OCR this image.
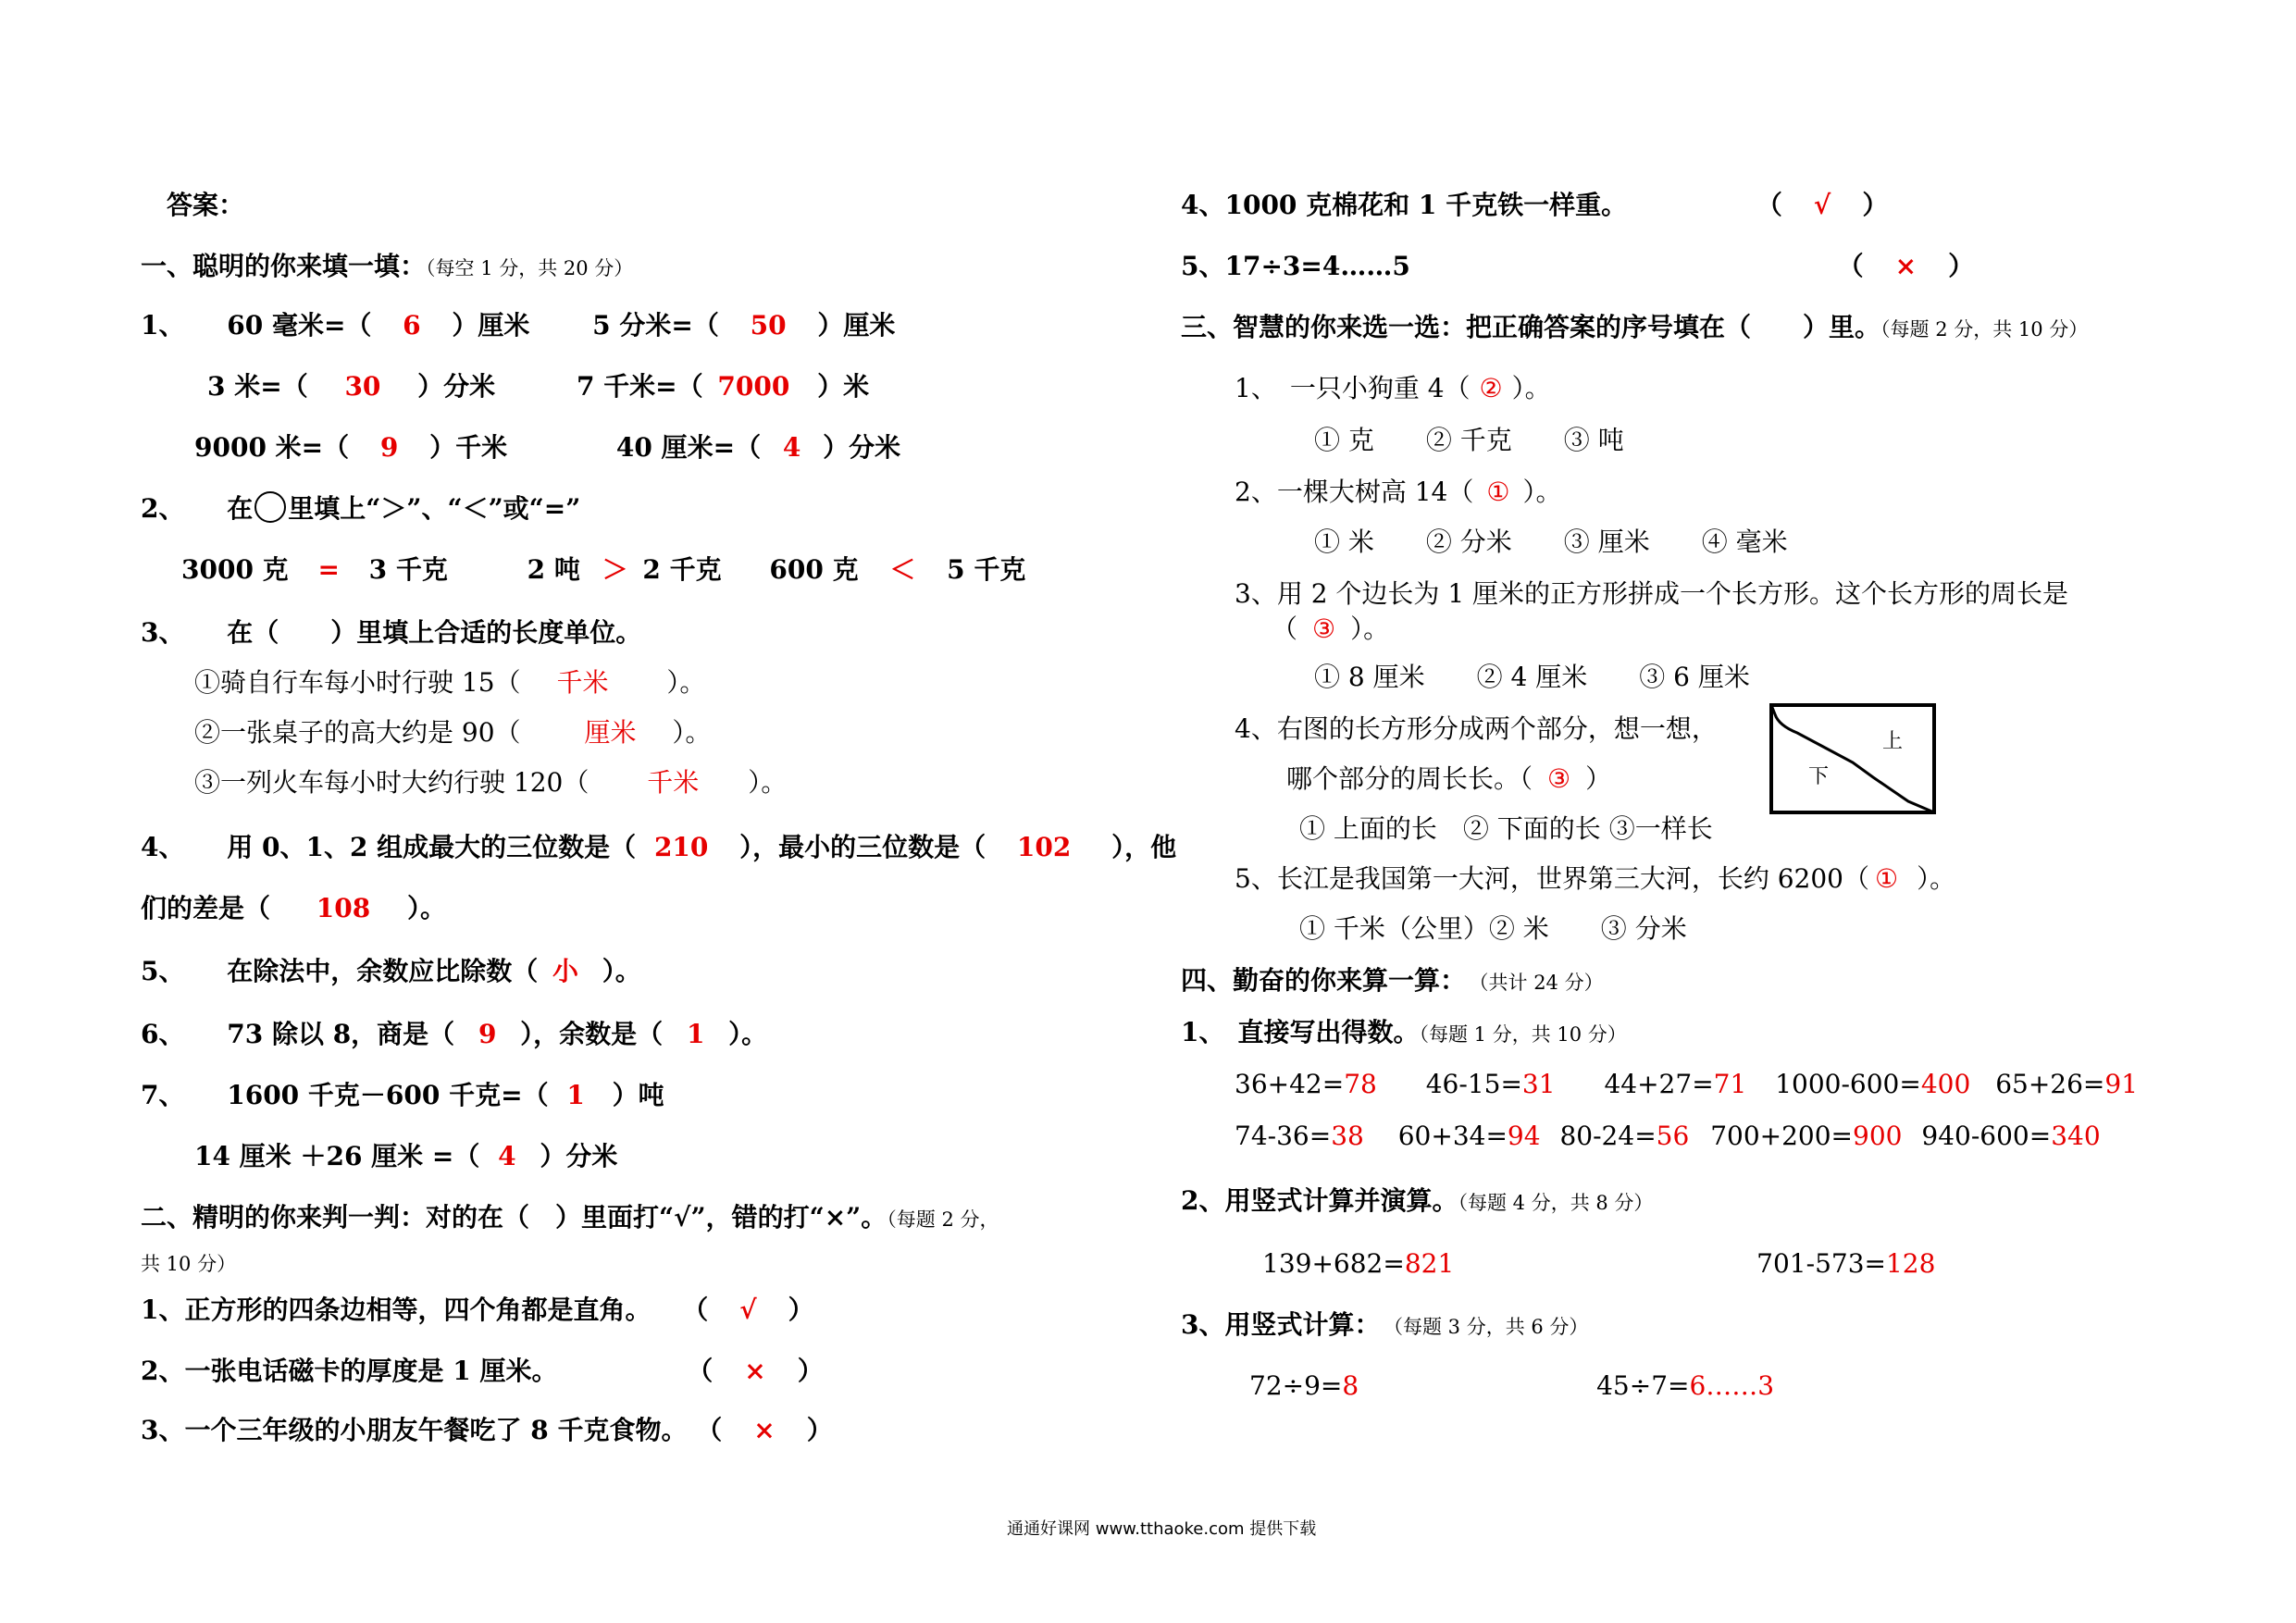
答案：
一、聪明的你来填一填：（每空 1 分，共 20 分）
1、 60 毫米=（ 6 ）厘米 5 分米=（ 50 ）厘米
3 米=（ 30 ）分米	7 千米=（ 7000 ）米
9000 米=（ 9 ）千米	40 厘米=（ 4 ）分米
2、 在 里填上“＞”、“＜”或“=”
3000 克 = 3 千克	2 吨 ＞ 2 千克 600 克 ＜ 5 千克
3、 在（　　）里填上合适的长度单位。
①骑自行车每小时行驶 15（ 千米 ）。
②一张桌子的高大约是 90（ 厘米 ）。
③一列火车每小时大约行驶 120（ 千米 ）。
4、 用 0、1、2 组成最大的三位数是（ 210 ），最小的三位数是（ 102 ），他
们的差是（ 108 ）。
5、 在除法中，余数应比除数（ 小 ）。
6、 73 除以 8，商是（ 9 ），余数是（ 1 ）。
7、 1600 千克－600 千克=（ 1 ）吨
14 厘米 ＋26 厘米 =（ 4 ）分米
二、精明的你来判一判：对的在（　）里面打“√”，错的打“×”。（每题 2 分，
共 10 分）
1、正方形的四条边相等，四个角都是直角。 （ √ ）
2、一张电话磁卡的厚度是 1 厘米。	（ × ）
3、一个三年级的小朋友午餐吃了 8 千克食物。 （ × ）
4、1000 克棉花和 1 千克铁一样重。	（ √ ）
5、17÷3=4……5	（ × ）
三、智慧的你来选一选：把正确答案的序号填在（　　）里。（每题 2 分，共 10 分）
1、　一只小狗重 4（ ② ）。
① 克　　② 千克　　③ 吨
2、一棵大树高 14（ ① ）。
① 米　　② 分米　　③ 厘米　　④ 毫米
3、用 2 个边长为 1 厘米的正方形拼成一个长方形。这个长方形的周长是
（ ③ ）。
① 8 厘米　　② 4 厘米　　③ 6 厘米
4、右图的长方形分成两个部分，想一想，
哪个部分的周长长。（ ③ ）
① 上面的长　② 下面的长 ③一样长
上
下
5、长江是我国第一大河，世界第三大河，长约 6200（ ① ）。
① 千米（公里）② 米　　③ 分米
四、勤奋的你来算一算： （共计 24 分）
1、　直接写出得数。（每题 1 分，共 10 分）
36+42=78 46-15=31 44+27=71 1000-600=400 65+26=91
74-36=38 60+34=94 80-24=56 700+200=900 940-600=340
2、用竖式计算并演算。（每题 4 分，共 8 分）
139+682=821	701-573=128
3、用竖式计算： （每题 3 分，共 6 分）
72÷9=8	45÷7=6……3
通通好课网 www.tthaoke.com 提供下载
